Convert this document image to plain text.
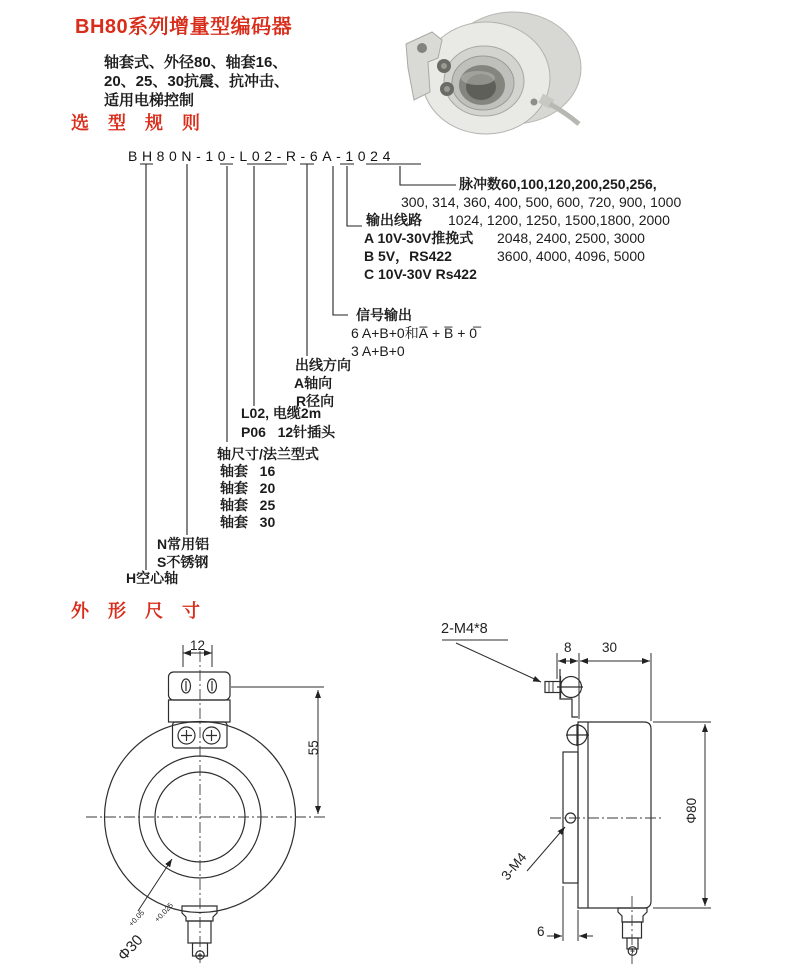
BH80系列增量型编码器
轴套式、外径80、轴套16、
20、25、30抗震、抗冲击、
适用电梯控制
选 型 规 则
外 形 尺 寸
BH80N-10-L02-R-6A-1024
脉冲数60,100,120,200,250,256,
300, 314, 360, 400, 500, 600, 720, 900, 1000
1024, 1200, 1250, 1500,1800, 2000
2048, 2400, 2500, 3000
3600, 4000, 4096, 5000
输出线路
A 10V-30V推挽式
B 5V，RS422
C 10V-30V Rs422
信号输出
6 A+B+0和A̅ + B̅ + 0̅
3 A+B+0
出线方向
A轴向
R径向
L02, 电缆2m
P06   12针插头
轴尺寸/法兰型式
轴套   16
轴套   20
轴套   25
轴套   30
N常用铝
S不锈钢
H空心轴
12
55

Φ30+0.05 +0.025

2-M4*8
8 30
Φ80
3-M4
6
